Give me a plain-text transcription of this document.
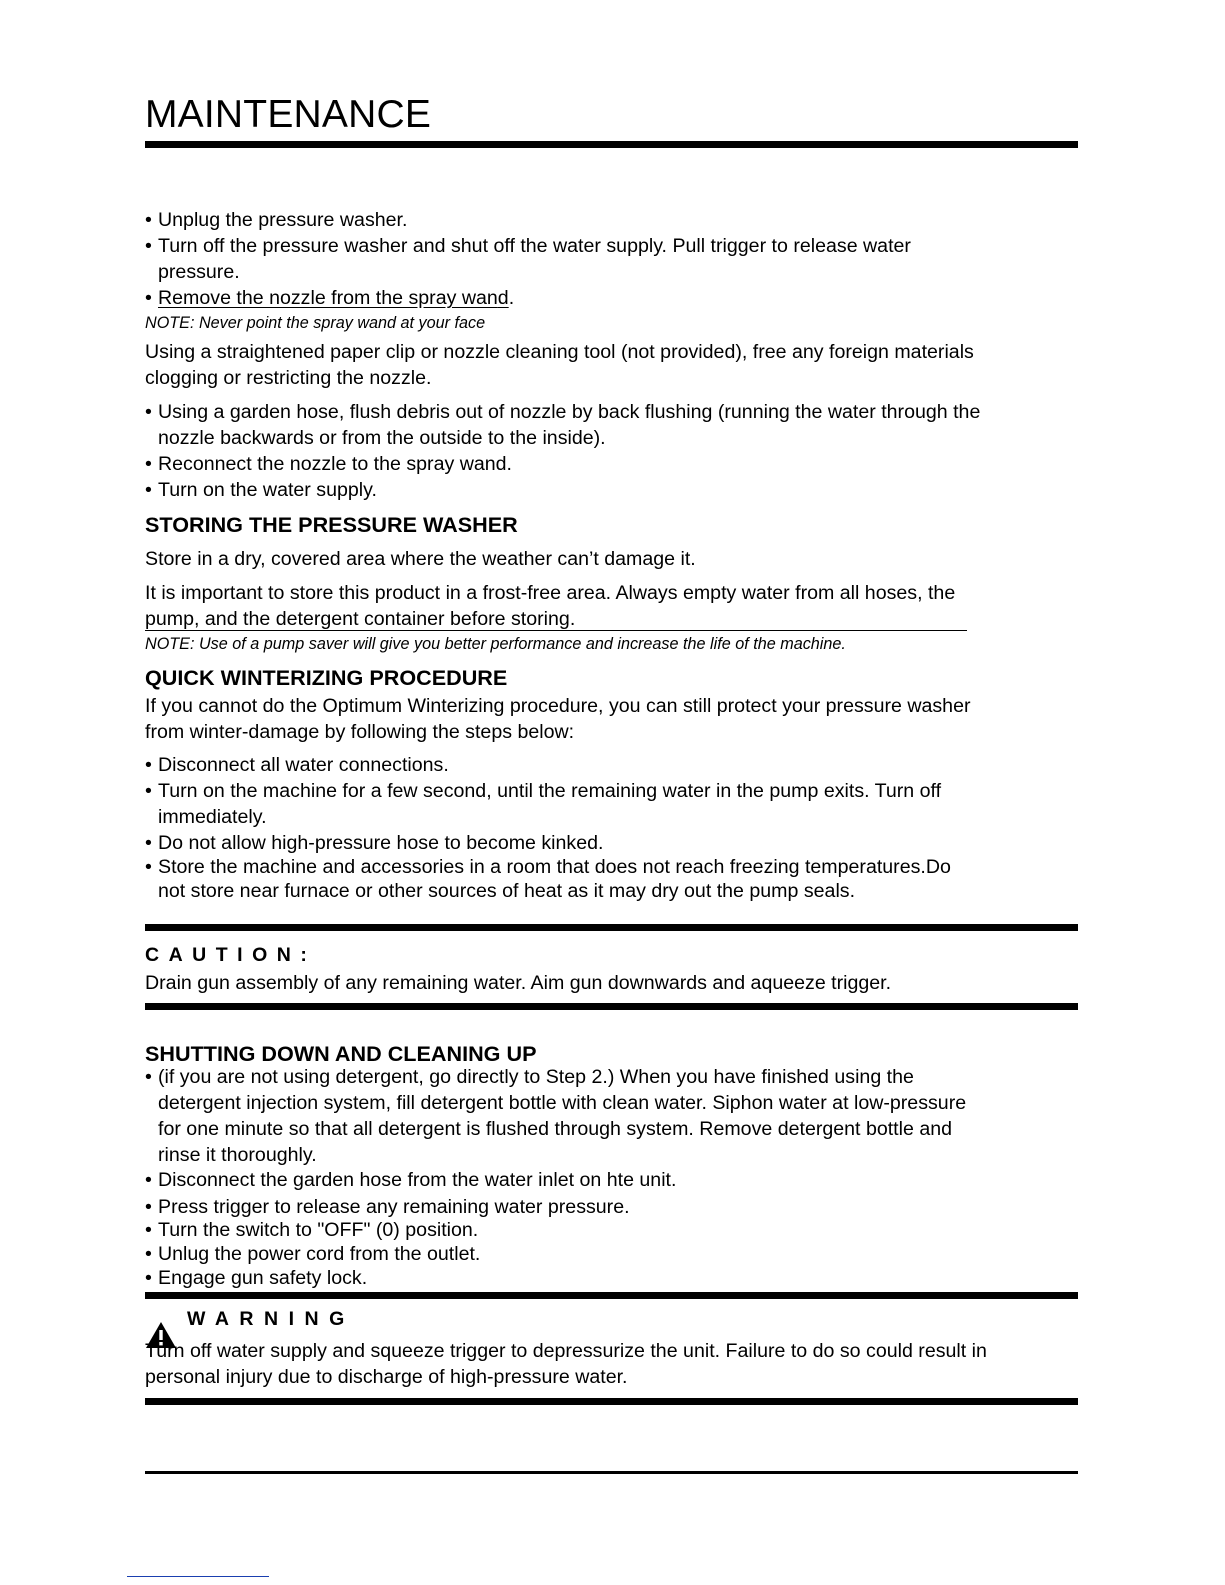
MAINTENANCE
• Unplug the pressure washer.
• Turn off the pressure washer and shut off the water supply. Pull trigger to release water
pressure.
• Remove the nozzle from the spray wand.
NOTE: Never point the spray wand at your face
Using a straightened paper clip or nozzle cleaning tool (not provided), free any foreign materials
clogging or restricting the nozzle.
• Using a garden hose, flush debris out of nozzle by back flushing (running the water through the
nozzle backwards or from the outside to the inside).
• Reconnect the nozzle to the spray wand.
• Turn on the water supply.
STORING THE PRESSURE WASHER
Store in a dry, covered area where the weather can’t damage it.
It is important to store this product in a frost-free area. Always empty water from all hoses, the
pump, and the detergent container before storing.
NOTE: Use of a pump saver will give you better performance and increase the life of the machine.
QUICK WINTERIZING PROCEDURE
If you cannot do the Optimum Winterizing procedure, you can still protect your pressure washer
from winter-damage by following the steps below:
• Disconnect all water connections.
• Turn on the machine for a few second, until the remaining water in the pump exits. Turn off
immediately.
• Do not allow high-pressure hose to become kinked.
• Store the machine and accessories in a room that does not reach freezing temperatures.Do
not store near furnace or other sources of heat as it may dry out the pump seals.
CAUTION:
Drain gun assembly of any remaining water. Aim gun downwards and aqueeze trigger.
SHUTTING DOWN AND CLEANING UP
• (if you are not using detergent, go directly to Step 2.) When you have finished using the
detergent injection system, fill detergent bottle with clean water. Siphon water at low-pressure
for one minute so that all detergent is flushed through system. Remove detergent bottle and
rinse it thoroughly.
• Disconnect the garden hose from the water inlet on hte unit.
• Press trigger to release any remaining water pressure.
• Turn the switch to "OFF" (0) position.
• Unlug the power cord from the outlet.
• Engage gun safety lock.
WARNING
Turn off water supply and squeeze trigger to depressurize the unit. Failure to do so could result in
personal injury due to discharge of high-pressure water.
